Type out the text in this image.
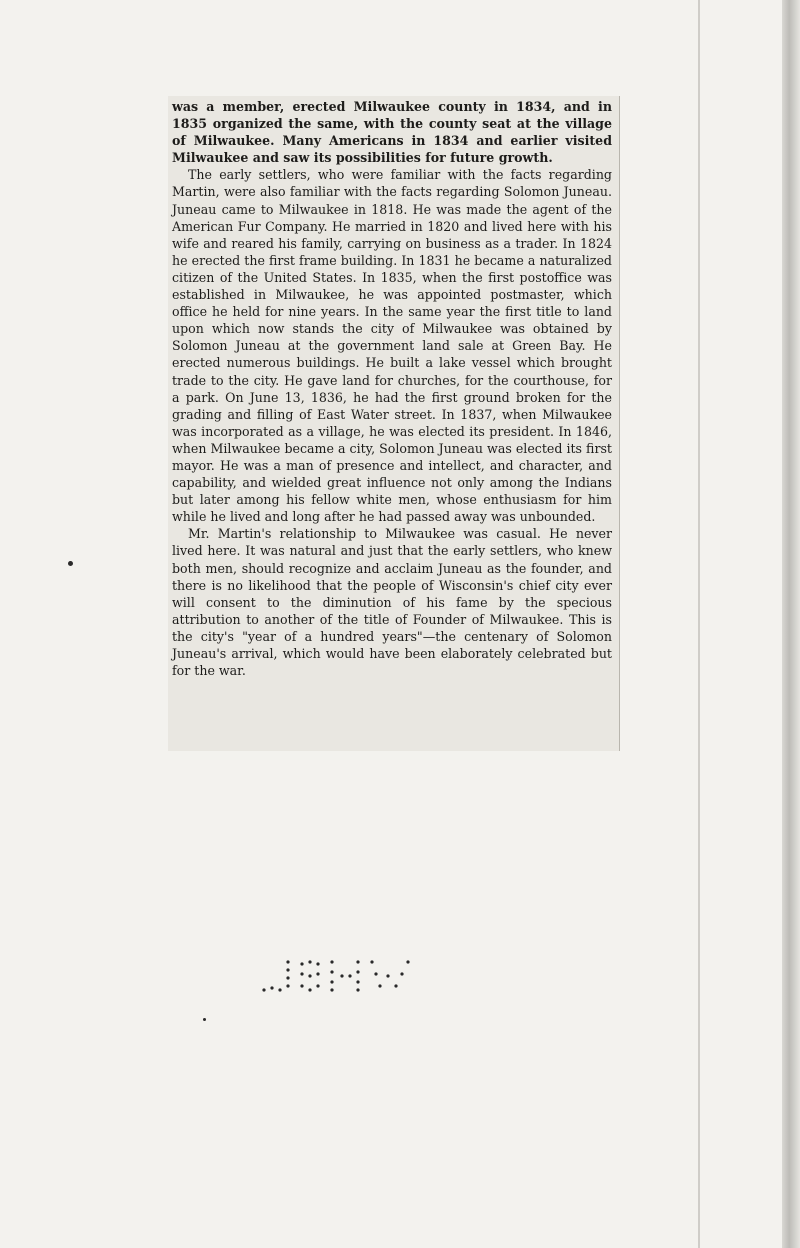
was a member, erected Milwaukee county in 1834, and in 1835 organized the same, with the county seat at the village of Milwaukee. Many Americans in 1834 and earlier visited Milwaukee and saw its possibilities for future growth.

The early settlers, who were familiar with the facts regarding Martin, were also familiar with the facts regarding Solomon Juneau. Juneau came to Milwaukee in 1818. He was made the agent of the American Fur Company. He married in 1820 and lived here with his wife and reared his family, carrying on business as a trader. In 1824 he erected the first frame building. In 1831 he became a naturalized citizen of the United States. In 1835, when the first postoffice was established in Milwaukee, he was appointed postmaster, which office he held for nine years. In the same year the first title to land upon which now stands the city of Milwaukee was obtained by Solomon Juneau at the government land sale at Green Bay. He erected numerous buildings. He built a lake vessel which brought trade to the city. He gave land for churches, for the courthouse, for a park. On June 13, 1836, he had the first ground broken for the grading and filling of East Water street. In 1837, when Milwaukee was incorporated as a village, he was elected its president. In 1846, when Milwaukee became a city, Solomon Juneau was elected its first mayor. He was a man of presence and intellect, and character, and capability, and wielded great influence not only among the Indians but later among his fellow white men, whose enthusiasm for him while he lived and long after he had passed away was unbounded.

Mr. Martin's relationship to Milwaukee was casual. He never lived here. It was natural and just that the early settlers, who knew both men, should recognize and acclaim Juneau as the founder, and there is no likelihood that the people of Wisconsin's chief city ever will consent to the diminution of his fame by the specious attribution to another of the title of Founder of Milwaukee. This is the city's "year of a hundred years"—the centenary of Solomon Juneau's arrival, which would have been elaborately celebrated but for the war.
